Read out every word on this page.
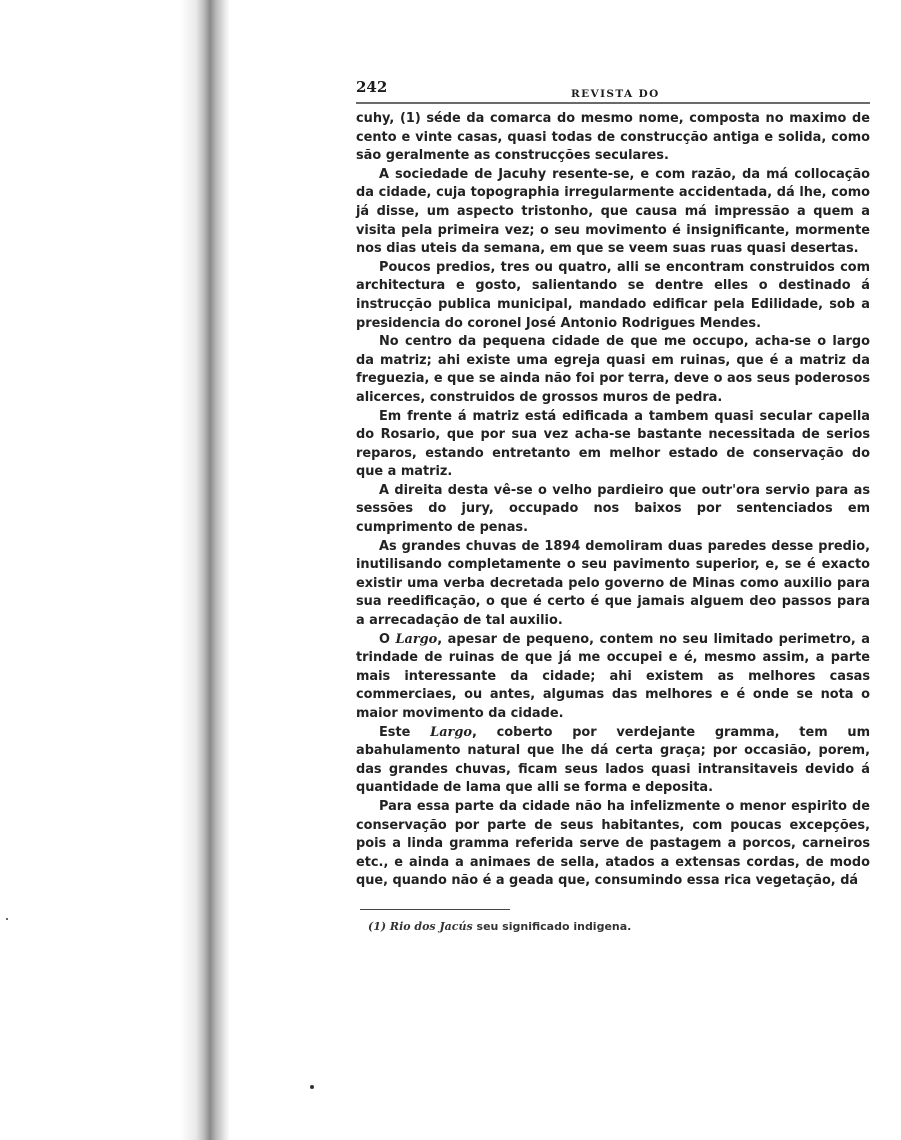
242	REVISTA DO

cuhy, (1) séde da comarca do mesmo nome, composta no maximo de cento e vinte casas, quasi todas de construcção antiga e solida, como são geralmente as construcções seculares.

A sociedade de Jacuhy resente-se, e com razão, da má collocação da cidade, cuja topographia irregularmente accidentada, dá lhe, como já disse, um aspecto tristonho, que causa má impressão a quem a visita pela primeira vez; o seu movimento é insignificante, mormente nos dias uteis da semana, em que se veem suas ruas quasi desertas.

Poucos predios, tres ou quatro, alli se encontram construidos com architectura e gosto, salientando se dentre elles o destinado á instrucção publica municipal, mandado edificar pela Edilidade, sob a presidencia do coronel José Antonio Rodrigues Mendes.

No centro da pequena cidade de que me occupo, acha-se o largo da matriz; ahi existe uma egreja quasi em ruinas, que é a matriz da freguezia, e que se ainda não foi por terra, deve o aos seus poderosos alicerces, construidos de grossos muros de pedra.

Em frente á matriz está edificada a tambem quasi secular capella do Rosario, que por sua vez acha-se bastante necessitada de serios reparos, estando entretanto em melhor estado de conservação do que a matriz.

A direita desta vê-se o velho pardieiro que outr'ora servio para as sessões do jury, occupado nos baixos por sentenciados em cumprimento de penas.

As grandes chuvas de 1894 demoliram duas paredes desse predio, inutilisando completamente o seu pavimento superior, e, se é exacto existir uma verba decretada pelo governo de Minas como auxilio para sua reedificação, o que é certo é que jamais alguem deo passos para a arrecadação de tal auxilio.

O Largo, apesar de pequeno, contem no seu limitado perimetro, a trindade de ruinas de que já me occupei e é, mesmo assim, a parte mais interessante da cidade; ahi existem as melhores casas commerciaes, ou antes, algumas das melhores e é onde se nota o maior movimento da cidade.

Este Largo, coberto por verdejante gramma, tem um abahulamento natural que lhe dá certa graça; por occasião, porem, das grandes chuvas, ficam seus lados quasi intransitaveis devido á quantidade de lama que alli se forma e deposita.

Para essa parte da cidade não ha infelizmente o menor espirito de conservação por parte de seus habitantes, com poucas excepções, pois a linda gramma referida serve de pastagem a porcos, carneiros etc., e ainda a animaes de sella, atados a extensas cordas, de modo que, quando não é a geada que, consumindo essa rica vegetação, dá

(1) Rio dos Jacús seu significado indigena.
